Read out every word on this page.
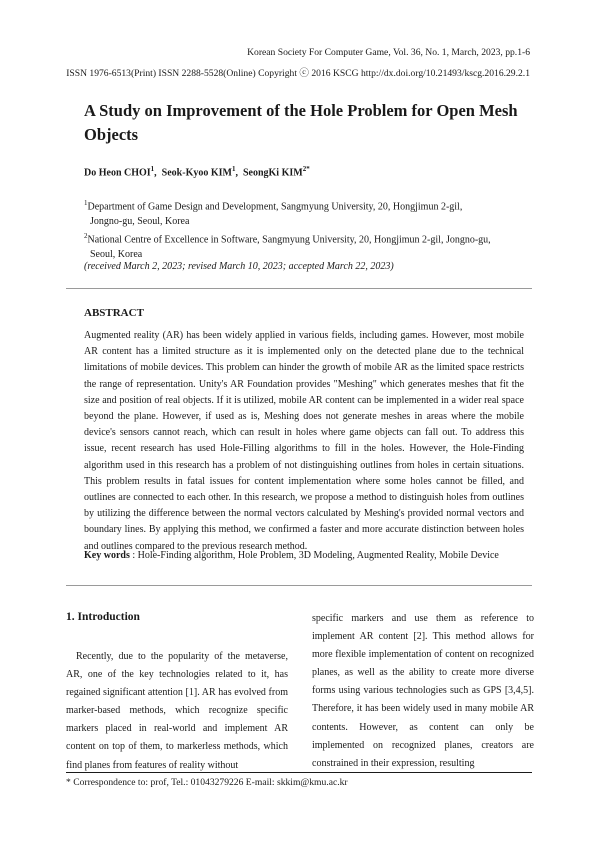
Korean Society For Computer Game, Vol. 36, No. 1, March, 2023, pp.1-6
ISSN 1976-6513(Print) ISSN 2288-5528(Online) Copyright ⓒ 2016 KSCG http://dx.doi.org/10.21493/kscg.2016.29.2.1
A Study on Improvement of the Hole Problem for Open Mesh Objects
Do Heon CHOI$^1$,  Seok-Kyoo KIM$^1$,  SeongKi $KIM^{2*}$
$^1$Department of Game Design and Development, Sangmyung University, 20, Hongjimun 2-gil,
Jongno-gu, Seoul, Korea
$^2$National Centre of Excellence in Software, Sangmyung University, 20, Hongjimun 2-gil, Jongno-gu,
Seoul, Korea
(received March 2, 2023; revised March 10, 2023; accepted March 22, 2023)
ABSTRACT
Augmented reality (AR) has been widely applied in various fields, including games. However, most mobile AR content has a limited structure as it is implemented only on the detected plane due to the technical limitations of mobile devices. This problem can hinder the growth of mobile AR as the limited space restricts the range of representation. Unity's AR Foundation provides "Meshing" which generates meshes that fit the size and position of real objects. If it is utilized, mobile AR content can be implemented in a wider real space beyond the plane. However, if used as is, Meshing does not generate meshes in areas where the mobile device's sensors cannot reach, which can result in holes where game objects can fall out. To address this issue, recent research has used Hole-Filling algorithms to fill in the holes. However, the Hole-Finding algorithm used in this research has a problem of not distinguishing outlines from holes in certain situations. This problem results in fatal issues for content implementation where some holes cannot be filled, and outlines are connected to each other. In this research, we propose a method to distinguish holes from outlines by utilizing the difference between the normal vectors calculated by Meshing's provided normal vectors and boundary lines. By applying this method, we confirmed a faster and more accurate distinction between holes and outlines compared to the previous research method.
Key words : Hole-Finding algorithm, Hole Problem, 3D Modeling, Augmented Reality, Mobile Device
1. Introduction

Recently, due to the popularity of the metaverse, AR, one of the key technologies related to it, has regained significant attention [1]. AR has evolved from marker-based methods, which recognize specific markers placed in real-world and implement AR content on top of them, to markerless methods, which find planes from features of reality without

specific markers and use them as reference to implement AR content [2]. This method allows for more flexible implementation of content on recognized planes, as well as the ability to create more diverse forms using various technologies such as GPS [3,4,5]. Therefore, it has been widely used in many mobile AR contents. However, as content can only be implemented on recognized planes, creators are constrained in their expression, resulting

* Correspondence to: prof, Tel.: 01043279226 E-mail: skkim@kmu.ac.kr
